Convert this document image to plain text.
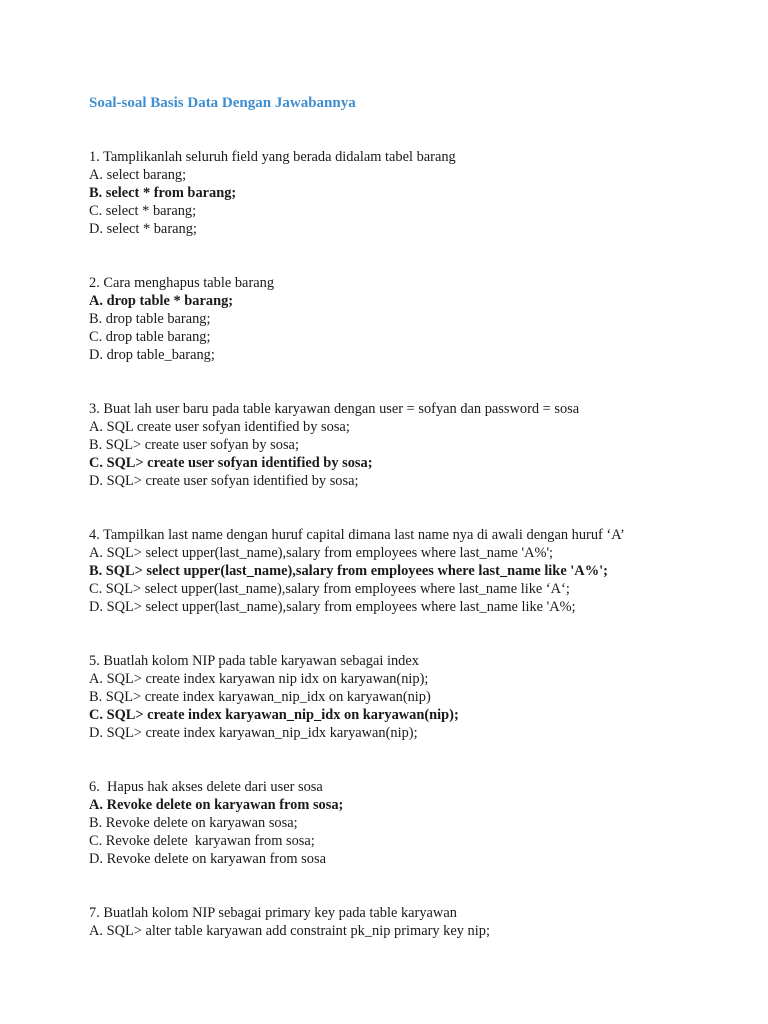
Soal-soal Basis Data Dengan Jawabannya
1. Tamplikanlah seluruh field yang berada didalam tabel barang
A. select barang;
B. select * from barang;
C. select * barang;
D. select * barang;
2. Cara menghapus table barang
A. drop table * barang;
B. drop table barang;
C. drop table barang;
D. drop table_barang;
3. Buat lah user baru pada table karyawan dengan user = sofyan dan password = sosa
A. SQL create user sofyan identified by sosa;
B. SQL> create user sofyan by sosa;
C. SQL> create user sofyan identified by sosa;
D. SQL> create user sofyan identified by sosa;
4. Tampilkan last name dengan huruf capital dimana last name nya di awali dengan huruf ‘A’
A. SQL> select upper(last_name),salary from employees where last_name 'A%';
B. SQL> select upper(last_name),salary from employees where last_name like 'A%';
C. SQL> select upper(last_name),salary from employees where last_name like ‘A‘;
D. SQL> select upper(last_name),salary from employees where last_name like 'A%;
5. Buatlah kolom NIP pada table karyawan sebagai index
A. SQL> create index karyawan nip idx on karyawan(nip);
B. SQL> create index karyawan_nip_idx on karyawan(nip)
C. SQL> create index karyawan_nip_idx on karyawan(nip);
D. SQL> create index karyawan_nip_idx karyawan(nip);
6.  Hapus hak akses delete dari user sosa
A. Revoke delete on karyawan from sosa;
B. Revoke delete on karyawan sosa;
C. Revoke delete  karyawan from sosa;
D. Revoke delete on karyawan from sosa
7. Buatlah kolom NIP sebagai primary key pada table karyawan
A. SQL> alter table karyawan add constraint pk_nip primary key nip;
